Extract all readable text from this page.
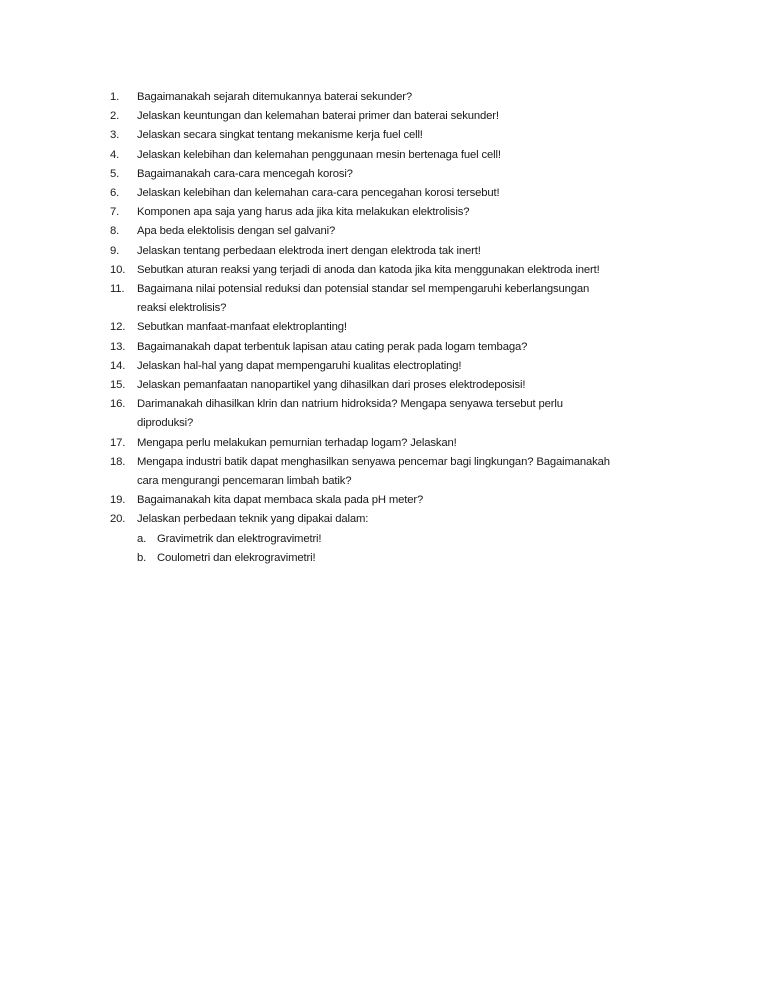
1.	Bagaimanakah sejarah ditemukannya baterai sekunder?
2.	Jelaskan keuntungan dan kelemahan baterai primer dan baterai sekunder!
3.	Jelaskan secara singkat tentang mekanisme kerja fuel cell!
4.	Jelaskan kelebihan dan kelemahan penggunaan mesin bertenaga fuel cell!
5.	Bagaimanakah cara-cara mencegah korosi?
6.	Jelaskan kelebihan dan kelemahan cara-cara pencegahan korosi tersebut!
7.	Komponen apa saja yang harus ada jika kita melakukan elektrolisis?
8.	Apa beda elektolisis dengan sel galvani?
9.	Jelaskan tentang perbedaan elektroda inert dengan elektroda tak inert!
10.	Sebutkan aturan reaksi yang terjadi di anoda dan katoda jika kita menggunakan elektroda inert!
11.	Bagaimana nilai potensial reduksi dan potensial standar sel mempengaruhi keberlangsungan
reaksi elektrolisis?
12.	Sebutkan manfaat-manfaat elektroplanting!
13.	Bagaimanakah dapat terbentuk lapisan atau cating perak pada logam tembaga?
14.	Jelaskan hal-hal yang dapat mempengaruhi kualitas electroplating!
15.	Jelaskan pemanfaatan nanopartikel yang dihasilkan dari proses elektrodeposisi!
16.	Darimanakah dihasilkan klrin dan natrium hidroksida? Mengapa senyawa tersebut perlu
diproduksi?
17.	Mengapa perlu melakukan pemurnian terhadap logam? Jelaskan!
18.	Mengapa industri batik dapat menghasilkan senyawa pencemar bagi lingkungan? Bagaimanakah
cara mengurangi pencemaran limbah batik?
19.	Bagaimanakah kita dapat membaca skala pada pH meter?
20.	Jelaskan perbedaan teknik yang dipakai dalam:
a. Gravimetrik dan elektrogravimetri!
b. Coulometri dan elekrogravimetri!
